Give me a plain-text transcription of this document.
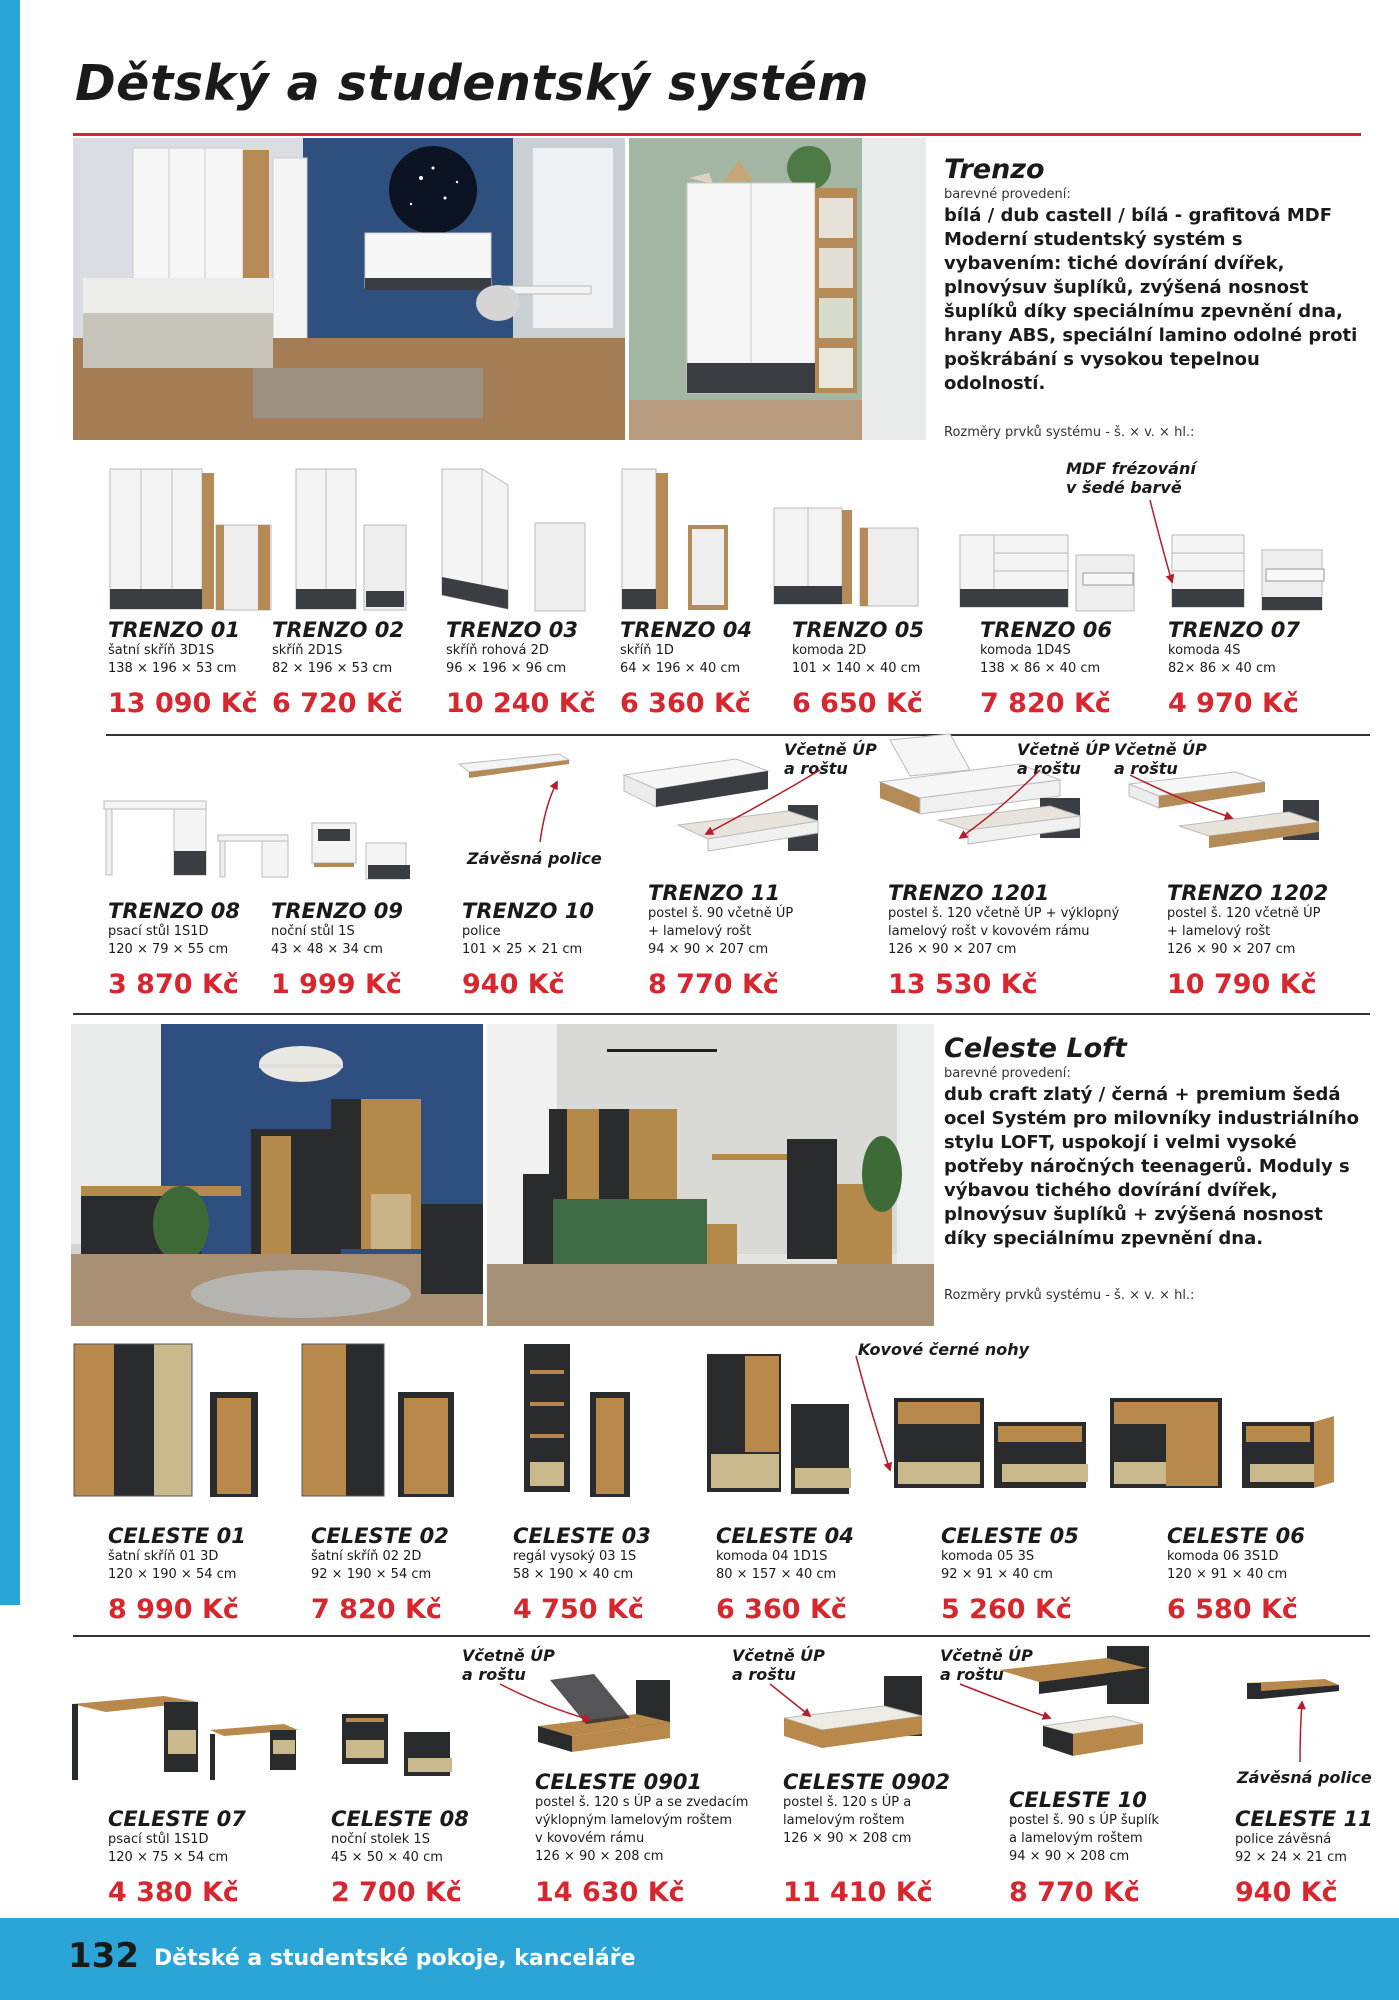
Dětský a studentský systém
Trenzo
barevné provedení:
bílá / dub castell / bílá - grafitová MDF Moderní studentský systém s vybavením: tiché dovírání dvířek, plnovýsuv šuplíků, zvýšená nosnost šuplíků díky speciálnímu zpevnění dna, hrany ABS, speciální lamino odolné proti poškrábání s vysokou tepelnou odolností.
Rozměry prvků systému - š. × v. × hl.:
TRENZO 01
šatní skříň 3D1S
138 × 196 × 53 cm
13 090 Kč
TRENZO 02
skříň 2D1S
82 × 196 × 53 cm
6 720 Kč
TRENZO 03
skříň rohová 2D
96 × 196 × 96 cm
10 240 Kč
TRENZO 04
skříň 1D
64 × 196 × 40 cm
6 360 Kč
TRENZO 05
komoda 2D
101 × 140 × 40 cm
6 650 Kč
TRENZO 06
komoda 1D4S
138 × 86 × 40 cm
7 820 Kč
TRENZO 07
komoda 4S
82× 86 × 40 cm
4 970 Kč
MDF frézování
v šedé barvě
Závěsná police
Včetně ÚP
a roštu
Včetně ÚP
a roštu
Včetně ÚP
a roštu
TRENZO 08
psací stůl 1S1D
120 × 79 × 55 cm
3 870 Kč
TRENZO 09
noční stůl 1S
43 × 48 × 34 cm
1 999 Kč
TRENZO 10
police
101 × 25 × 21 cm
940 Kč
TRENZO 11
postel š. 90 včetně ÚP
+ lamelový rošt
94 × 90 × 207 cm
8 770 Kč
TRENZO 1201
postel š. 120 včetně ÚP + výklopný
lamelový rošt v kovovém rámu
126 × 90 × 207 cm
13 530 Kč
TRENZO 1202
postel š. 120 včetně ÚP
+ lamelový rošt
126 × 90 × 207 cm
10 790 Kč
Celeste Loft
barevné provedení:
dub craft zlatý / černá + premium šedá ocel Systém pro milovníky industriálního stylu LOFT, uspokojí i velmi vysoké potřeby náročných teenagerů. Moduly s výbavou tichého dovírání dvířek, plnovýsuv šuplíků + zvýšená nosnost díky speciálnímu zpevnění dna.
Rozměry prvků systému - š. × v. × hl.:
Kovové černé nohy
CELESTE 01
šatní skříň 01 3D
120 × 190 × 54 cm
8 990 Kč
CELESTE 02
šatní skříň 02 2D
92 × 190 × 54 cm
7 820 Kč
CELESTE 03
regál vysoký 03 1S
58 × 190 × 40 cm
4 750 Kč
CELESTE 04
komoda 04 1D1S
80 × 157 × 40 cm
6 360 Kč
CELESTE 05
komoda 05 3S
92 × 91 × 40 cm
5 260 Kč
CELESTE 06
komoda 06 3S1D
120 × 91 × 40 cm
6 580 Kč
Včetně ÚP
a roštu
Včetně ÚP
a roštu
Včetně ÚP
a roštu
Závěsná police
CELESTE 07
psací stůl 1S1D
120 × 75 × 54 cm
4 380 Kč
CELESTE 08
noční stolek 1S
45 × 50 × 40 cm
2 700 Kč
CELESTE 0901
postel š. 120 s ÚP a se zvedacím
výklopným lamelovým roštem
v kovovém rámu
126 × 90 × 208 cm
14 630 Kč
CELESTE 0902
postel š. 120 s ÚP a
lamelovým roštem
126 × 90 × 208 cm
11 410 Kč
CELESTE 10
postel š. 90 s ÚP šuplík
a lamelovým roštem
94 × 90 × 208 cm
8 770 Kč
CELESTE 11
police závěsná
92 × 24 × 21 cm
940 Kč
132 Dětské a studentské pokoje, kanceláře
